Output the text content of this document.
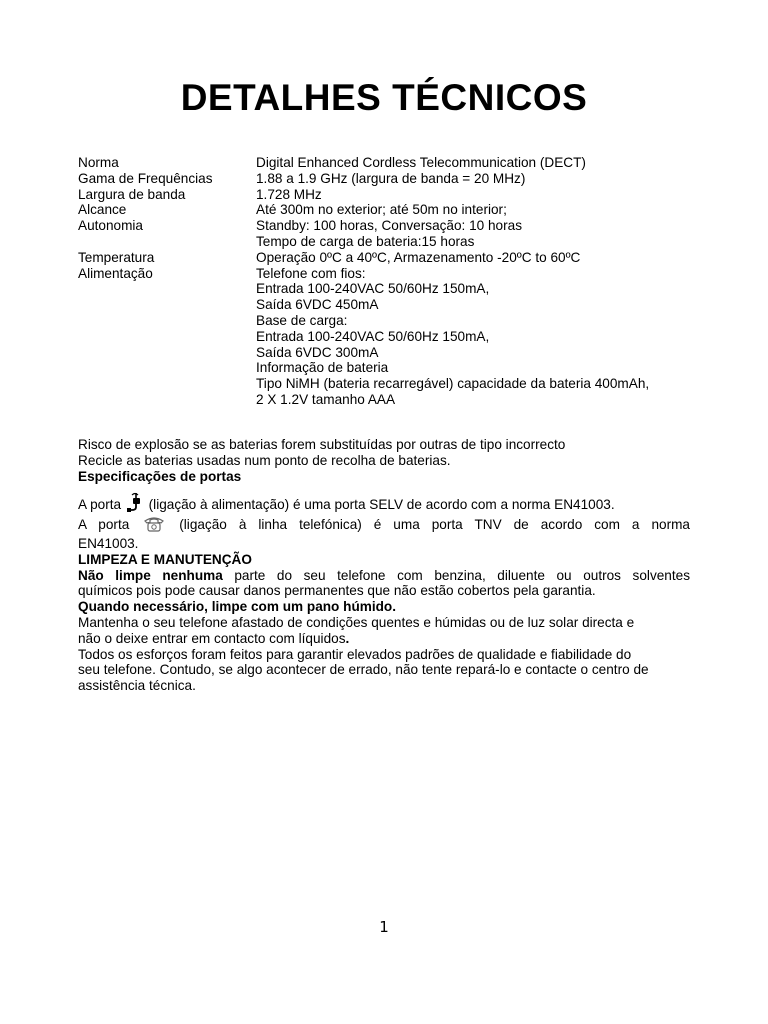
DETALHES TÉCNICOS
Norma	Digital Enhanced Cordless Telecommunication (DECT)
Gama de Frequências	1.88 a 1.9 GHz (largura de banda = 20 MHz)
Largura de banda	1.728 MHz
Alcance	Até 300m no exterior; até 50m no interior;
Autonomia	Standby: 100 horas, Conversação: 10 horas
Tempo de carga de bateria:15 horas
Temperatura	Operação 0ºC a 40ºC, Armazenamento -20ºC to 60ºC
Alimentação	Telefone com fios:
Entrada 100-240VAC 50/60Hz 150mA,
Saída 6VDC 450mA
Base de carga:
Entrada 100-240VAC 50/60Hz 150mA,
Saída 6VDC 300mA
Informação de bateria
Tipo NiMH (bateria recarregável) capacidade da bateria 400mAh,
2 X 1.2V tamanho AAA
Risco de explosão se as baterias forem substituídas por outras de tipo incorrecto
Recicle as baterias usadas num ponto de recolha de baterias.
Especificações de portas
A porta (ligação à alimentação) é uma porta SELV de acordo com a norma EN41003.
A porta	(ligação à linha telefónica) é uma porta TNV de acordo com a norma
EN41003.
LIMPEZA E MANUTENÇÃO
Não limpe nenhuma parte do seu telefone com benzina, diluente ou outros solventes
químicos pois pode causar danos permanentes que não estão cobertos pela garantia.
Quando necessário, limpe com um pano húmido.
Mantenha o seu telefone afastado de condições quentes e húmidas ou de luz solar directa e
não o deixe entrar em contacto com líquidos.
Todos os esforços foram feitos para garantir elevados padrões de qualidade e fiabilidade do
seu telefone. Contudo, se algo acontecer de errado, não tente repará-lo e contacte o centro de
assistência técnica.
1
